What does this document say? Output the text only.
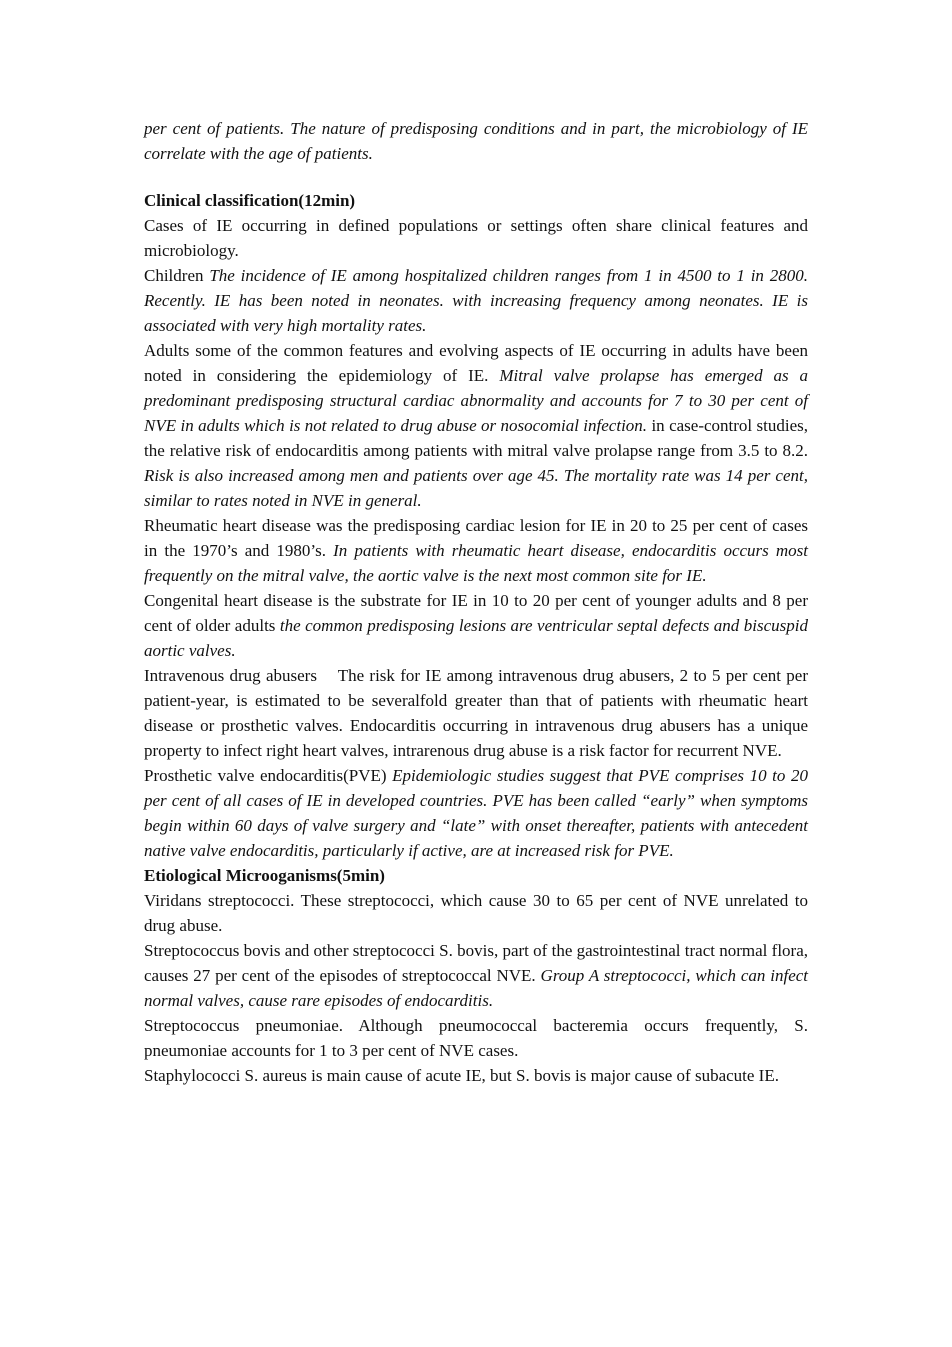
per cent of patients. The nature of predisposing conditions and in part, the microbiology of IE correlate with the age of patients.

Clinical classification(12min)

Cases of IE occurring in defined populations or settings often share clinical features and microbiology.

Children The incidence of IE among hospitalized children ranges from 1 in 4500 to 1 in 2800. Recently. IE has been noted in neonates. with increasing frequency among neonates. IE is associated with very high mortality rates.

Adults some of the common features and evolving aspects of IE occurring in adults have been noted in considering the epidemiology of IE. Mitral valve prolapse has emerged as a predominant predisposing structural cardiac abnormality and accounts for 7 to 30 per cent of NVE in adults which is not related to drug abuse or nosocomial infection. in case-control studies, the relative risk of endocarditis among patients with mitral valve prolapse range from 3.5 to 8.2. Risk is also increased among men and patients over age 45. The mortality rate was 14 per cent, similar to rates noted in NVE in general.

Rheumatic heart disease was the predisposing cardiac lesion for IE in 20 to 25 per cent of cases in the 1970’s and 1980’s. In patients with rheumatic heart disease, endocarditis occurs most frequently on the mitral valve, the aortic valve is the next most common site for IE.

Congenital heart disease is the substrate for IE in 10 to 20 per cent of younger adults and 8 per cent of older adults the common predisposing lesions are ventricular septal defects and biscuspid aortic valves.

Intravenous drug abusers    The risk for IE among intravenous drug abusers, 2 to 5 per cent per patient-year, is estimated to be severalfold greater than that of patients with rheumatic heart disease or prosthetic valves. Endocarditis occurring in intravenous drug abusers has a unique property to infect right heart valves, intrarenous drug abuse is a risk factor for recurrent NVE.

Prosthetic valve endocarditis(PVE) Epidemiologic studies suggest that PVE comprises 10 to 20 per cent of all cases of IE in developed countries. PVE has been called “early” when symptoms begin within 60 days of valve surgery and “late” with onset thereafter, patients with antecedent native valve endocarditis, particularly if active, are at increased risk for PVE.

Etiological Microoganisms(5min)

Viridans streptococci. These streptococci, which cause 30 to 65 per cent of NVE unrelated to drug abuse.

Streptococcus bovis and other streptococci S. bovis, part of the gastrointestinal tract normal flora, causes 27 per cent of the episodes of streptococcal NVE. Group A streptococci, which can infect normal valves, cause rare episodes of endocarditis.

Streptococcus pneumoniae. Although pneumococcal bacteremia occurs frequently, S. pneumoniae accounts for 1 to 3 per cent of NVE cases.

Staphylococci S. aureus is main cause of acute IE, but S. bovis is major cause of subacute IE.
